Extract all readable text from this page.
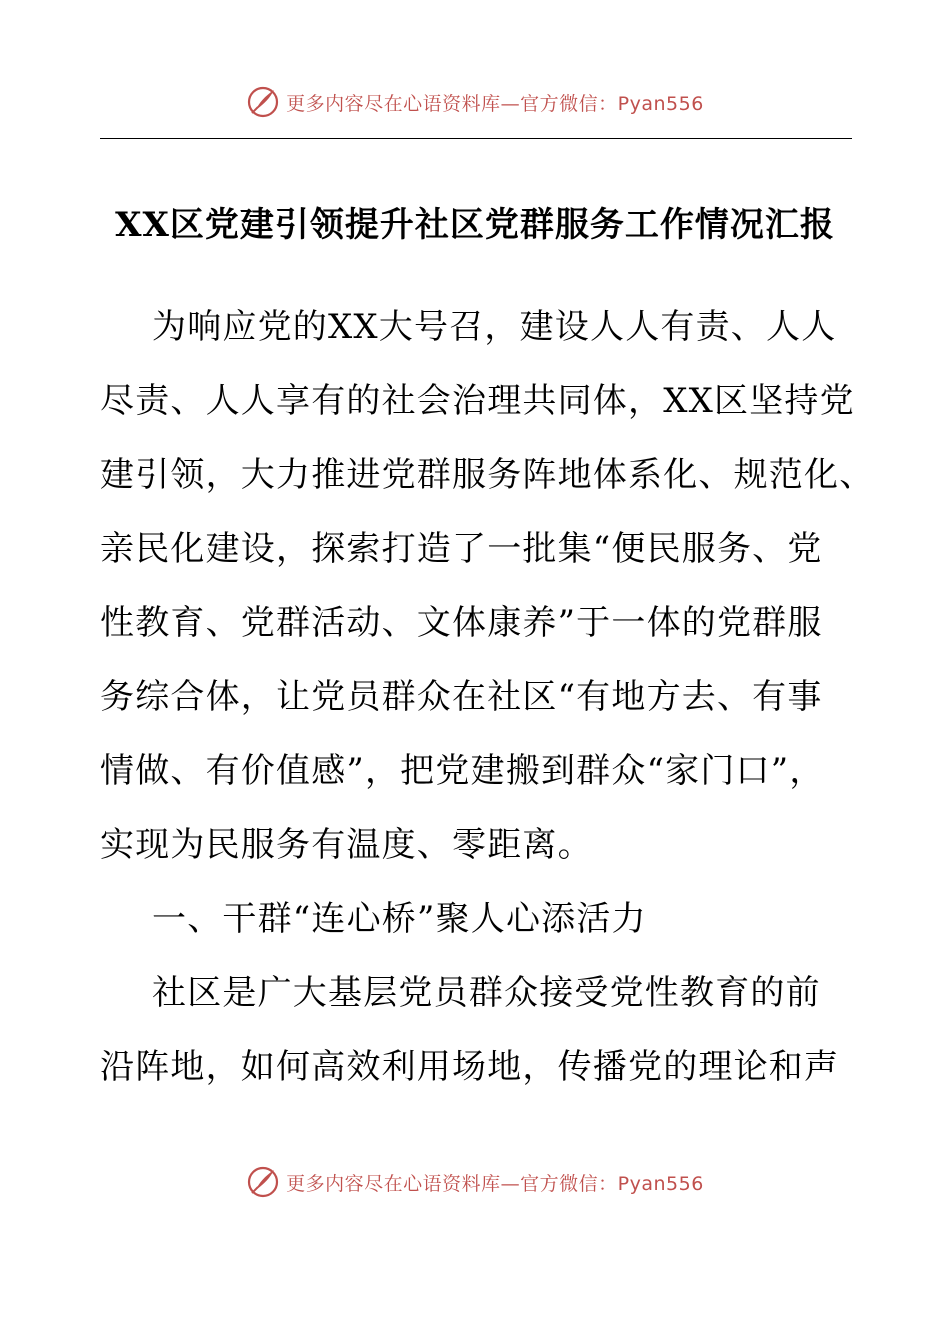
更多内容尽在心语资料库—官方微信：Pyan556
XX区党建引领提升社区党群服务工作情况汇报
为响应党的XX大号召，建设人人有责、人人
尽责、人人享有的社会治理共同体，XX区坚持党
建引领，大力推进党群服务阵地体系化、规范化、
亲民化建设，探索打造了一批集“便民服务、党
性教育、党群活动、文体康养”于一体的党群服
务综合体，让党员群众在社区“有地方去、有事
情做、有价值感”，把党建搬到群众“家门口”，
实现为民服务有温度、零距离。
一、干群“连心桥”聚人心添活力
社区是广大基层党员群众接受党性教育的前
沿阵地，如何高效利用场地，传播党的理论和声
更多内容尽在心语资料库—官方微信：Pyan556
